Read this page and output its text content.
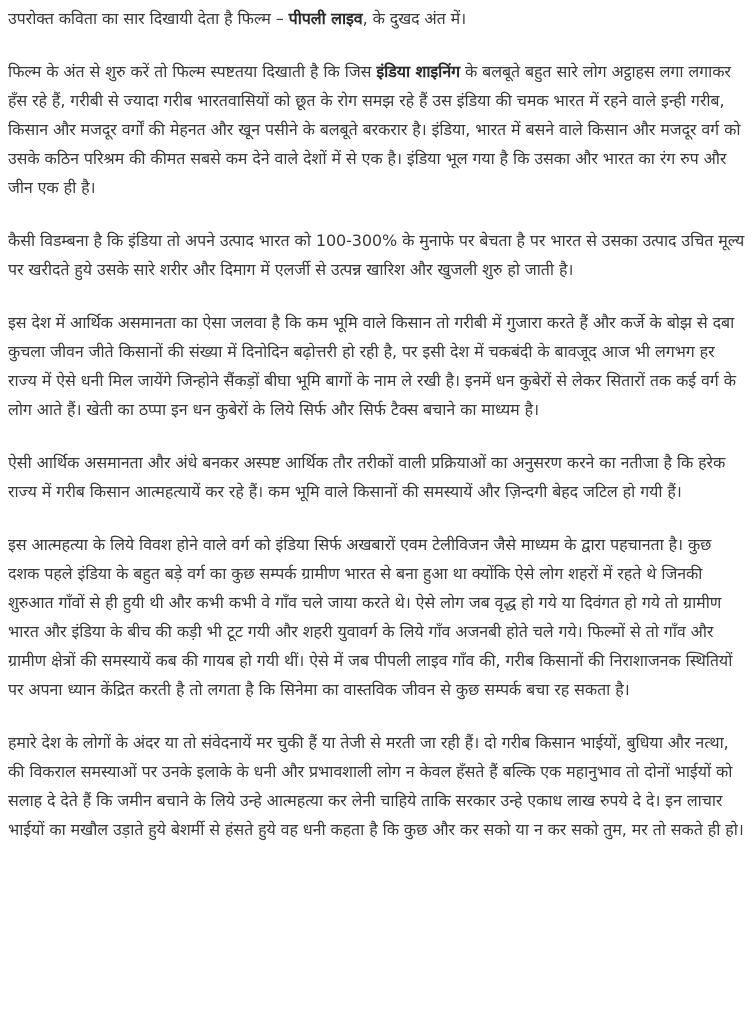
उपरोक्त कविता का सार दिखायी देता है फिल्म – पीपली लाइव, के दुखद अंत में।

फिल्म के अंत से शुरु करें तो फिल्म स्पष्टतया दिखाती है कि जिस इंडिया शाइनिंग के बलबूते बहुत सारे लोग अट्ठाहस लगा लगाकर हँस रहे हैं, गरीबी से ज्यादा गरीब भारतवासियों को छूत के रोग समझ रहे हैं उस इंडिया की चमक भारत में रहने वाले इन्ही गरीब, किसान और मजदूर वर्गों की मेहनत और खून पसीने के बलबूते बरकरार है। इंडिया, भारत में बसने वाले किसान और मजदूर वर्ग को उसके कठिन परिश्रम की कीमत सबसे कम देने वाले देशों में से एक है। इंडिया भूल गया है कि उसका और भारत का रंग रुप और जीन एक ही है।

कैसी विडम्बना है कि इंडिया तो अपने उत्पाद भारत को 100-300% के मुनाफे पर बेचता है पर भारत से उसका उत्पाद उचित मूल्य पर खरीदते हुये उसके सारे शरीर और दिमाग में एलर्जी से उत्पन्न खारिश और खुजली शुरु हो जाती है।

इस देश में आर्थिक असमानता का ऐसा जलवा है कि कम भूमि वाले किसान तो गरीबी में गुजारा करते हैं और कर्जे के बोझ से दबा कुचला जीवन जीते किसानों की संख्या में दिनोदिन बढ़ोत्तरी हो रही है, पर इसी देश में चकबंदी के बावजूद आज भी लगभग हर राज्य में ऐसे धनी मिल जायेंगे जिन्होने सैंकड़ों बीघा भूमि बागों के नाम ले रखी है। इनमें धन कुबेरों से लेकर सितारों तक कई वर्ग के लोग आते हैं। खेती का ठप्पा इन धन कुबेरों के लिये सिर्फ और सिर्फ टैक्स बचाने का माध्यम है।

ऐसी आर्थिक असमानता और अंधे बनकर अस्पष्ट आर्थिक तौर तरीकों वाली प्रक्रियाओं का अनुसरण करने का नतीजा है कि हरेक राज्य में गरीब किसान आत्महत्यायें कर रहे हैं। कम भूमि वाले किसानों की समस्यायें और ज़िन्दगी बेहद जटिल हो गयी हैं।

इस आत्महत्या के लिये विवश होने वाले वर्ग को इंडिया सिर्फ अखबारों एवम टेलीविजन जैसे माध्यम के द्वारा पहचानता है। कुछ दशक पहले इंडिया के बहुत बड़े वर्ग का कुछ सम्पर्क ग्रामीण भारत से बना हुआ था क्योंकि ऐसे लोग शहरों में रहते थे जिनकी शुरुआत गाँवों से ही हुयी थी और कभी कभी वे गाँव चले जाया करते थे। ऐसे लोग जब वृद्ध हो गये या दिवंगत हो गये तो ग्रामीण भारत और इंडिया के बीच की कड़ी भी टूट गयी और शहरी युवावर्ग के लिये गाँव अजनबी होते चले गये। फिल्मों से तो गाँव और ग्रामीण क्षेत्रों की समस्यायें कब की गायब हो गयी थीं। ऐसे में जब पीपली लाइव गाँव की, गरीब किसानों की निराशाजनक स्थितियों पर अपना ध्यान केंद्रित करती है तो लगता है कि सिनेमा का वास्तविक जीवन से कुछ सम्पर्क बचा रह सकता है।

हमारे देश के लोगों के अंदर या तो संवेदनायें मर चुकी हैं या तेजी से मरती जा रही हैं। दो गरीब किसान भाईयों, बुधिया और नत्था, की विकराल समस्याओं पर उनके इलाके के धनी और प्रभावशाली लोग न केवल हँसते हैं बल्कि एक महानुभाव तो दोनों भाईयों को सलाह दे देते हैं कि जमीन बचाने के लिये उन्हे आत्महत्या कर लेनी चाहिये ताकि सरकार उन्हे एकाध लाख रुपये दे दे। इन लाचार भाईयों का मखौल उड़ाते हुये बेशर्मी से हंसते हुये वह धनी कहता है कि कुछ और कर सको या न कर सको तुम, मर तो सकते ही हो।
